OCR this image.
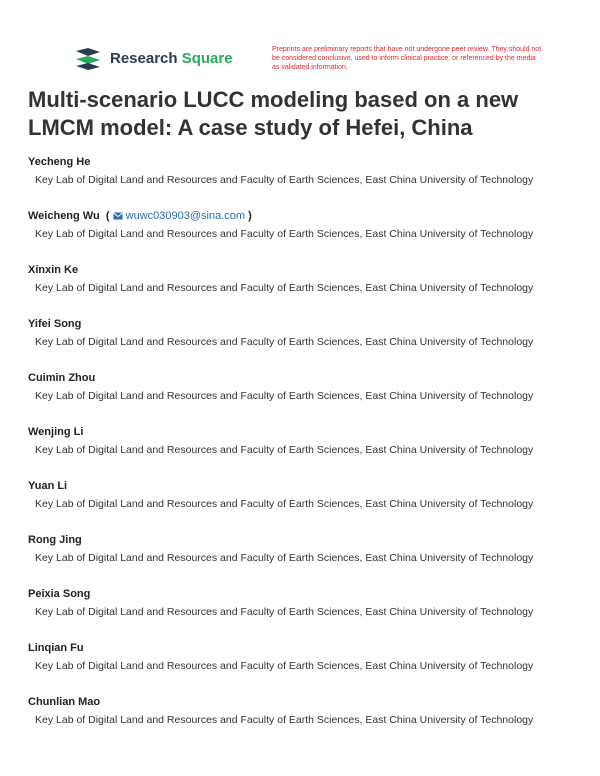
Research Square
Preprints are preliminary reports that have not undergone peer review. They should not be considered conclusive, used to inform clinical practice, or referenced by the media as validated information.
Multi-scenario LUCC modeling based on a new LMCM model: A case study of Hefei, China
Yecheng He
Key Lab of Digital Land and Resources and Faculty of Earth Sciences, East China University of Technology
Weicheng Wu ( wuwc030903@sina.com )
Key Lab of Digital Land and Resources and Faculty of Earth Sciences, East China University of Technology
Xinxin Ke
Key Lab of Digital Land and Resources and Faculty of Earth Sciences, East China University of Technology
Yifei Song
Key Lab of Digital Land and Resources and Faculty of Earth Sciences, East China University of Technology
Cuimin Zhou
Key Lab of Digital Land and Resources and Faculty of Earth Sciences, East China University of Technology
Wenjing Li
Key Lab of Digital Land and Resources and Faculty of Earth Sciences, East China University of Technology
Yuan Li
Key Lab of Digital Land and Resources and Faculty of Earth Sciences, East China University of Technology
Rong Jing
Key Lab of Digital Land and Resources and Faculty of Earth Sciences, East China University of Technology
Peixia Song
Key Lab of Digital Land and Resources and Faculty of Earth Sciences, East China University of Technology
Linqian Fu
Key Lab of Digital Land and Resources and Faculty of Earth Sciences, East China University of Technology
Chunlian Mao
Key Lab of Digital Land and Resources and Faculty of Earth Sciences, East China University of Technology
